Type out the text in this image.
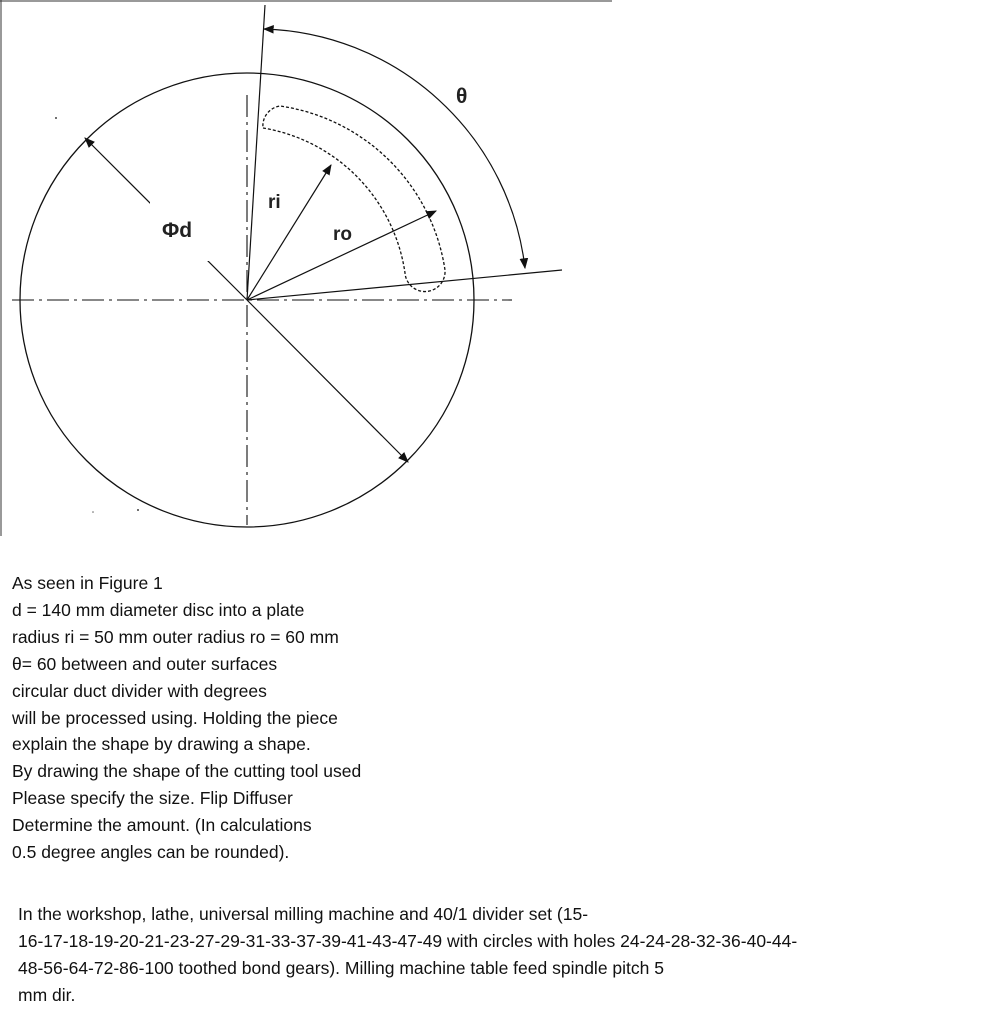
Φd
ri
ro
θ
As seen in Figure 1
d = 140 mm diameter disc into a plate
radius ri = 50 mm outer radius ro = 60 mm
θ= 60 between and outer surfaces
circular duct divider with degrees
will be processed using. Holding the piece
explain the shape by drawing a shape.
By drawing the shape of the cutting tool used
Please specify the size. Flip Diffuser
Determine the amount. (In calculations
0.5 degree angles can be rounded).
In the workshop, lathe, universal milling machine and 40/1 divider set (15-
16-17-18-19-20-21-23-27-29-31-33-37-39-41-43-47-49 with circles with holes 24-24-28-32-36-40-44-
48-56-64-72-86-100 toothed bond gears). Milling machine table feed spindle pitch 5
mm dir.
